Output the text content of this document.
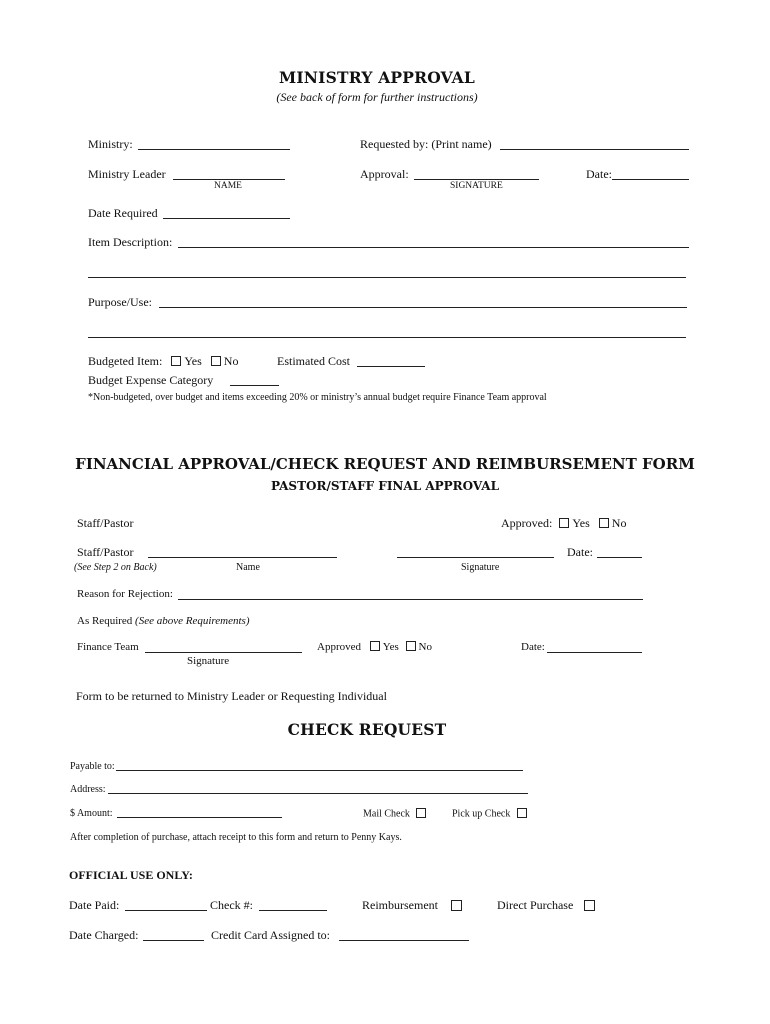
MINISTRY APPROVAL
(See back of form for further instructions)
Ministry:	Requested by: (Print name)
Ministry Leader	Approval:	Date:
NAME	SIGNATURE
Date Required
Item Description:
Purpose/Use:
Budgeted Item: Yes No	Estimated Cost
Budget Expense Category
*Non-budgeted, over budget and items exceeding 20% or ministry’s annual budget require Finance Team approval
FINANCIAL APPROVAL/CHECK REQUEST AND REIMBURSEMENT FORM
PASTOR/STAFF FINAL APPROVAL
Staff/Pastor	Approved: Yes No
Staff/Pastor	Date:
(See Step 2 on Back)	Name	Signature
Reason for Rejection:
As Required (See above Requirements)
Finance Team	Approved Yes No	Date:
Signature
Form to be returned to Ministry Leader or Requesting Individual
CHECK REQUEST
Payable to:
Address:
$ Amount:	Mail Check	Pick up Check
After completion of purchase, attach receipt to this form and return to Penny Kays.
OFFICIAL USE ONLY:
Date Paid:	Check #:	Reimbursement	Direct Purchase
Date Charged:	Credit Card Assigned to:
